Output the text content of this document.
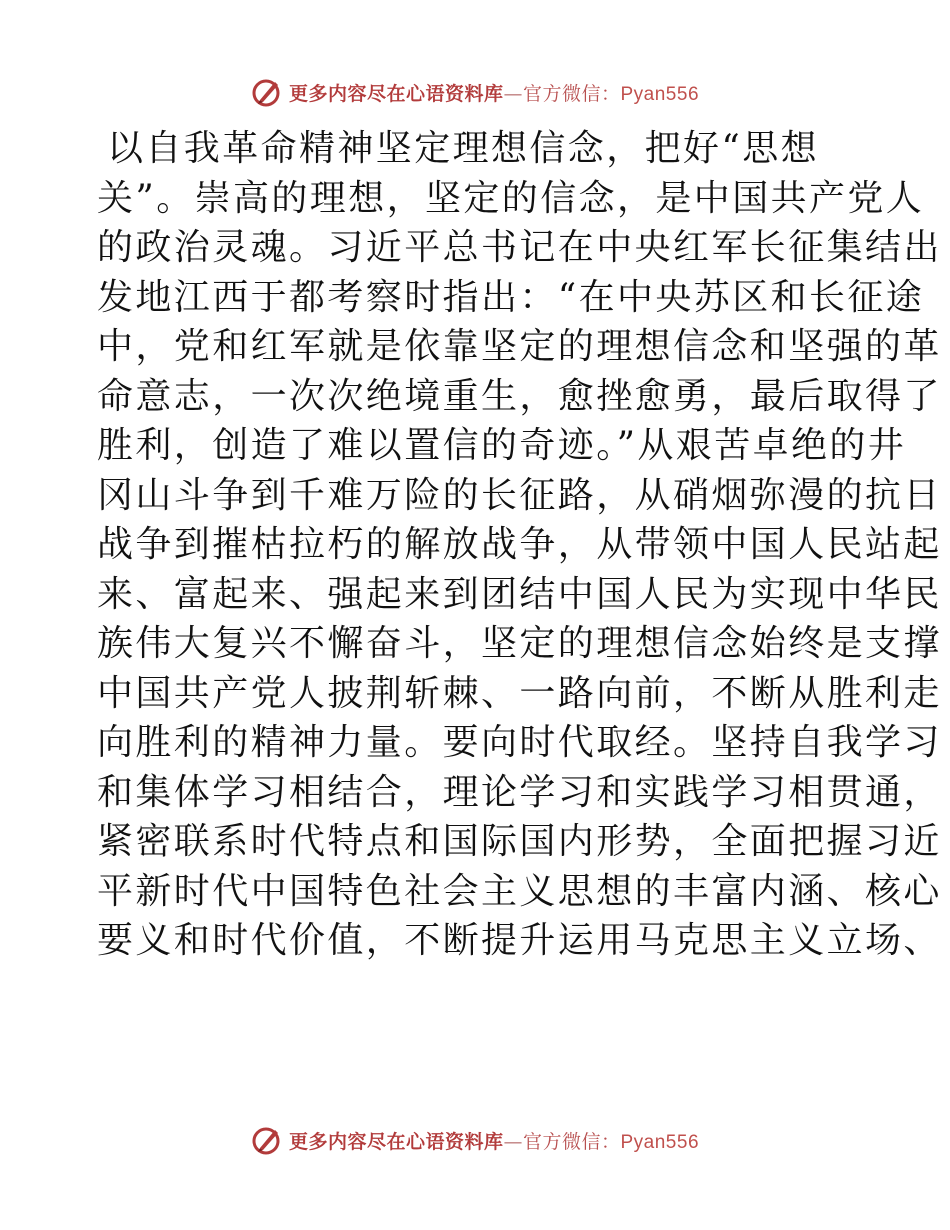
更多内容尽在心语资料库—官方微信：Pyan556
以自我革命精神坚定理想信念，把好“思想
关”。崇高的理想，坚定的信念，是中国共产党人
的政治灵魂。习近平总书记在中央红军长征集结出
发地江西于都考察时指出：“在中央苏区和长征途
中，党和红军就是依靠坚定的理想信念和坚强的革
命意志，一次次绝境重生，愈挫愈勇，最后取得了
胜利，创造了难以置信的奇迹。”从艰苦卓绝的井
冈山斗争到千难万险的长征路，从硝烟弥漫的抗日
战争到摧枯拉朽的解放战争，从带领中国人民站起
来、富起来、强起来到团结中国人民为实现中华民
族伟大复兴不懈奋斗，坚定的理想信念始终是支撑
中国共产党人披荆斩棘、一路向前，不断从胜利走
向胜利的精神力量。要向时代取经。坚持自我学习
和集体学习相结合，理论学习和实践学习相贯通，
紧密联系时代特点和国际国内形势，全面把握习近
平新时代中国特色社会主义思想的丰富内涵、核心
要义和时代价值，不断提升运用马克思主义立场、
更多内容尽在心语资料库—官方微信：Pyan556
